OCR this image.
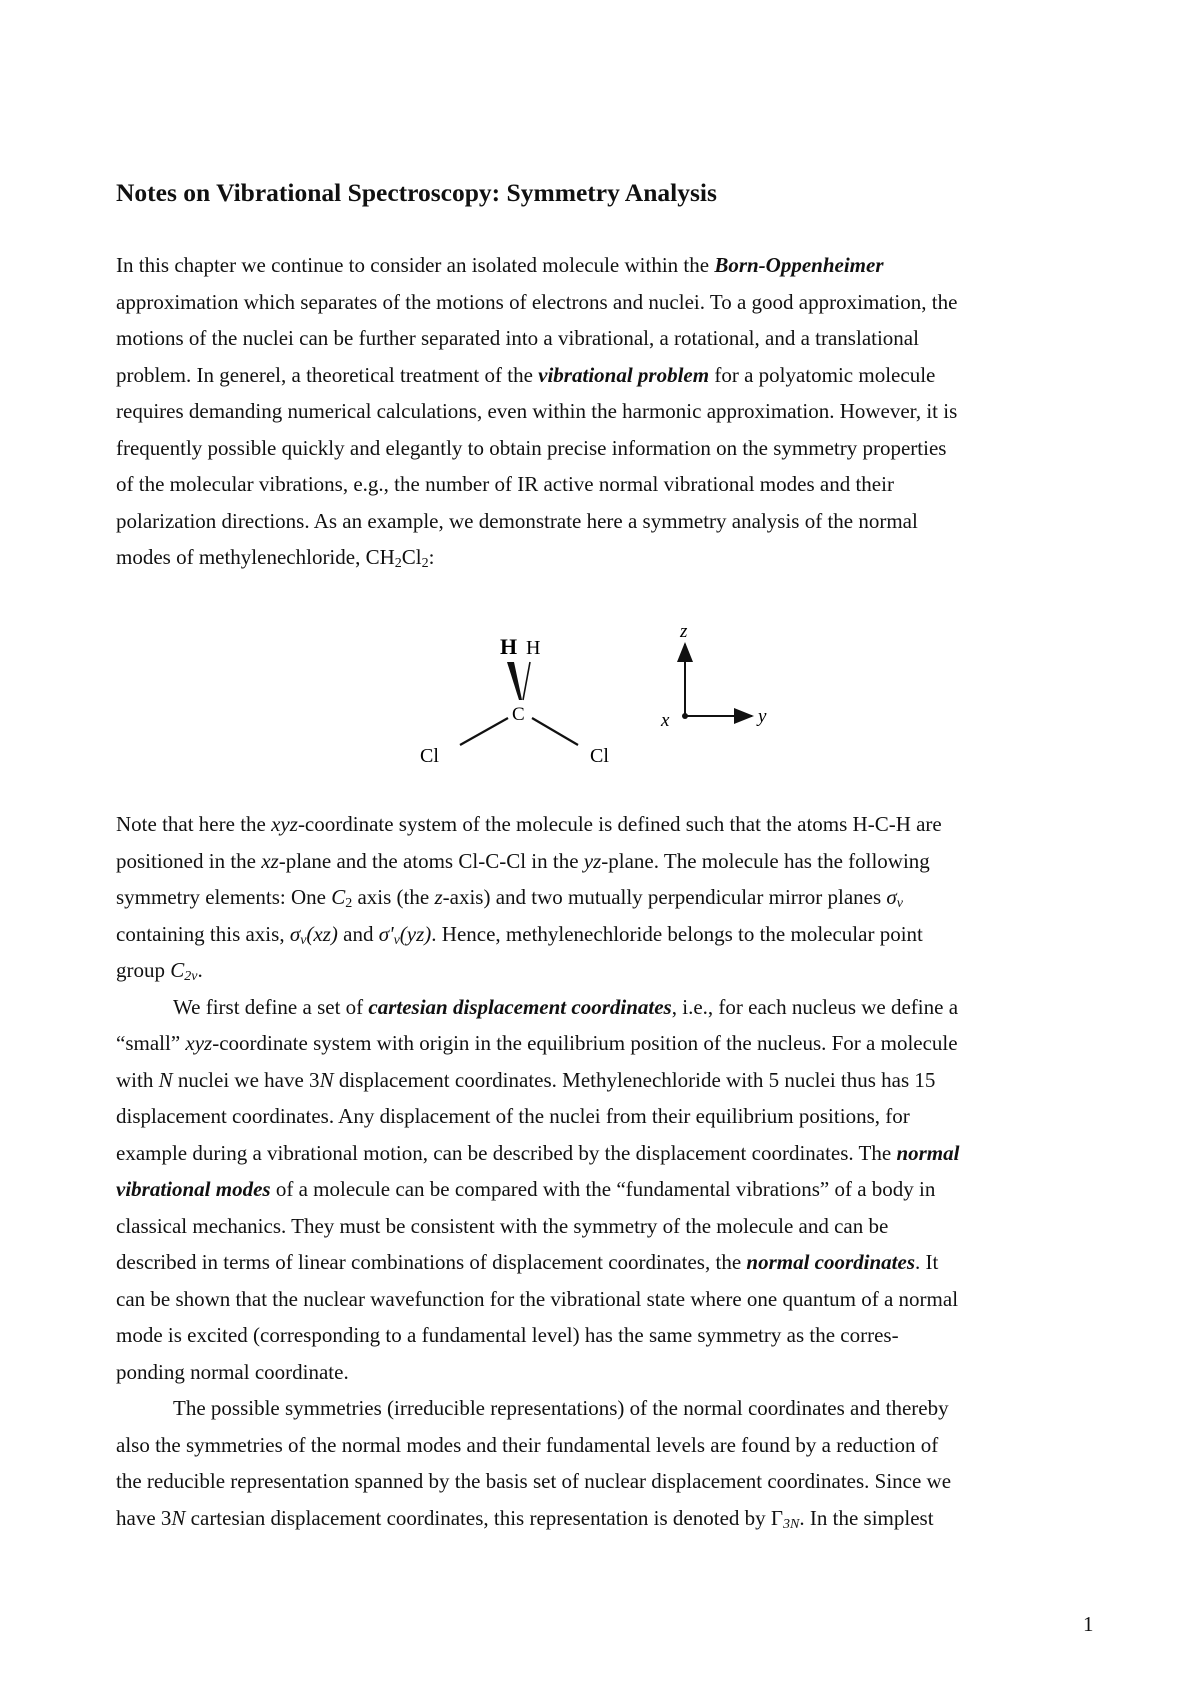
Notes on Vibrational Spectroscopy: Symmetry Analysis
In this chapter we continue to consider an isolated molecule within the Born-Oppenheimer
approximation which separates of the motions of electrons and nuclei. To a good approximation, the
motions of the nuclei can be further separated into a vibrational, a rotational, and a translational
problem. In generel, a theoretical treatment of the vibrational problem for a polyatomic molecule
requires demanding numerical calculations, even within the harmonic approximation. However, it is
frequently possible quickly and elegantly to obtain precise information on the symmetry properties
of the molecular vibrations, e.g., the number of IR active normal vibrational modes and their
polarization directions. As an example, we demonstrate here a symmetry analysis of the normal
modes of methylenechloride, $CH_2Cl_2$:
H H
C
Cl	Cl
z
x	y
Note that here the xyz-coordinate system of the molecule is defined such that the atoms H-C-H are
positioned in the xz-plane and the atoms Cl-C-Cl in the yz-plane. The molecule has the following
symmetry elements: One $C_2$ axis (the z-axis) and two mutually perpendicular mirror planes $\sigma_v$
containing this axis, $\sigma_v(xz)$ and $\sigma'_v(yz)$. Hence, methylenechloride belongs to the molecular point
group $C_{2v}$.
We first define a set of cartesian displacement coordinates, i.e., for each nucleus we define a
“small” xyz-coordinate system with origin in the equilibrium position of the nucleus. For a molecule
with N nuclei we have 3N displacement coordinates. Methylenechloride with 5 nuclei thus has 15
displacement coordinates. Any displacement of the nuclei from their equilibrium positions, for
example during a vibrational motion, can be described by the displacement coordinates. The normal
vibrational modes of a molecule can be compared with the “fundamental vibrations” of a body in
classical mechanics. They must be consistent with the symmetry of the molecule and can be
described in terms of linear combinations of displacement coordinates, the normal coordinates. It
can be shown that the nuclear wavefunction for the vibrational state where one quantum of a normal
mode is excited (corresponding to a fundamental level) has the same symmetry as the corres-
ponding normal coordinate.
The possible symmetries (irreducible representations) of the normal coordinates and thereby
also the symmetries of the normal modes and their fundamental levels are found by a reduction of
the reducible representation spanned by the basis set of nuclear displacement coordinates. Since we
have 3N cartesian displacement coordinates, this representation is denoted by $\Gamma_{3N}$. In the simplest
1
